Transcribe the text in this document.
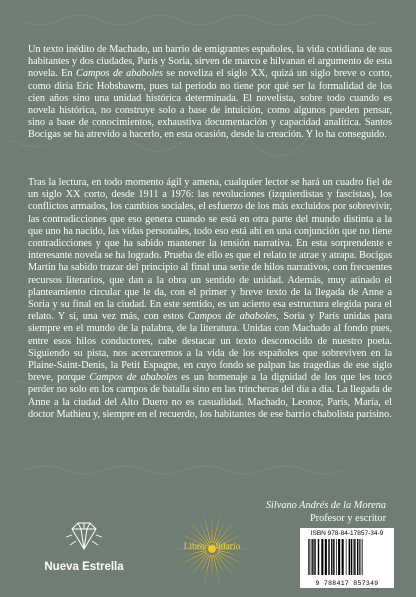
Un texto inédito de Machado, un barrio de emigrantes españoles, la vida cotidiana de sus habitantes y dos ciudades, París y Soria, sirven de marco e hilvanan el argumento de esta novela. En Campos de ababoles se noveliza el siglo XX, quizá un siglo breve o corto, como diría Eric Hobsbawm, pues tal periodo no tiene por qué ser la formalidad de los cien años sino una unidad histórica determinada. El novelista, sobre todo cuando es novela histórica, no construye solo a base de intuición, como algunos pueden pensar, sino a base de conocimientos, exhaustiva documentación y capacidad analítica. Santos Bocigas se ha atrevido a hacerlo, en esta ocasión, desde la creación. Y lo ha conseguido.

Tras la lectura, en todo momento ágil y amena, cualquier lector se hará un cuadro fiel de un siglo XX corto, desde 1911 a 1976: las revoluciones (izquierdistas y fascistas), los conflictos armados, los cambios sociales, el esfuerzo de los más excluidos por sobrevivir, las contradicciones que eso genera cuando se está en otra parte del mundo distinta a la que uno ha nacido, las vidas personales, todo eso está ahí en una conjunción que no tiene contradicciones y que ha sabido mantener la tensión narrativa. En esta sorprendente e interesante novela se ha logrado. Prueba de ello es que el relato te atrae y atrapa. Bocigas Martín ha sabido trazar del principio al final una serie de hilos narrativos, con frecuentes recursos literarios, que dan a la obra un sentido de unidad. Además, muy atinado el planteamiento circular que le da, con el primer y breve texto de la llegada de Anne a Soria y su final en la ciudad. En este sentido, es un acierto esa estructura elegida para el relato. Y sí, una vez más, con estos Campos de ababoles, Soria y París unidas para siempre en el mundo de la palabra, de la literatura. Unidas con Machado al fondo pues, entre esos hilos conductores, cabe destacar un texto desconocido de nuestro poeta. Siguiendo su pista, nos acercaremos a la vida de los españoles que sobreviven en la Plaine-Saint-Denis, la Petit Espagne, en cuyo fondo se palpan las tragedias de ese siglo breve, porque Campos de ababoles es un homenaje a la dignidad de los que les tocó perder no solo en los campos de batalla sino en las trincheras del día a día. La llegada de Anne a la ciudad del Alto Duero no es casualidad. Machado, Leonor, París, María, el doctor Mathieu y, siempre en el recuerdo, los habitantes de ese barrio chabolista parisino.

Silvano Andrés de la Morena
Profesor y escritor
Nueva Estrella
Libro solidario
ISBN 978-84-17857-34-9
9 788417 857349
